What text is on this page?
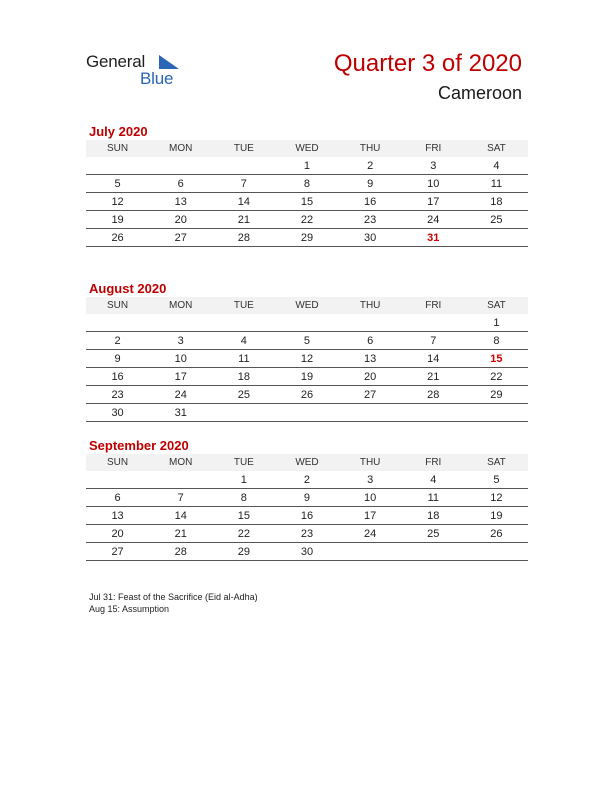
General
Blue
Quarter 3 of 2020
Cameroon
July 2020
SUN	MON	TUE	WED	THU	FRI	SAT
			1	2	3	4
5	6	7	8	9	10	11
12	13	14	15	16	17	18
19	20	21	22	23	24	25
26	27	28	29	30	31	
August 2020
SUN	MON	TUE	WED	THU	FRI	SAT
						1
2	3	4	5	6	7	8
9	10	11	12	13	14	15
16	17	18	19	20	21	22
23	24	25	26	27	28	29
30	31					
September 2020
SUN	MON	TUE	WED	THU	FRI	SAT
		1	2	3	4	5
6	7	8	9	10	11	12
13	14	15	16	17	18	19
20	21	22	23	24	25	26
27	28	29	30			
Jul 31: Feast of the Sacrifice (Eid al-Adha)
Aug 15: Assumption
